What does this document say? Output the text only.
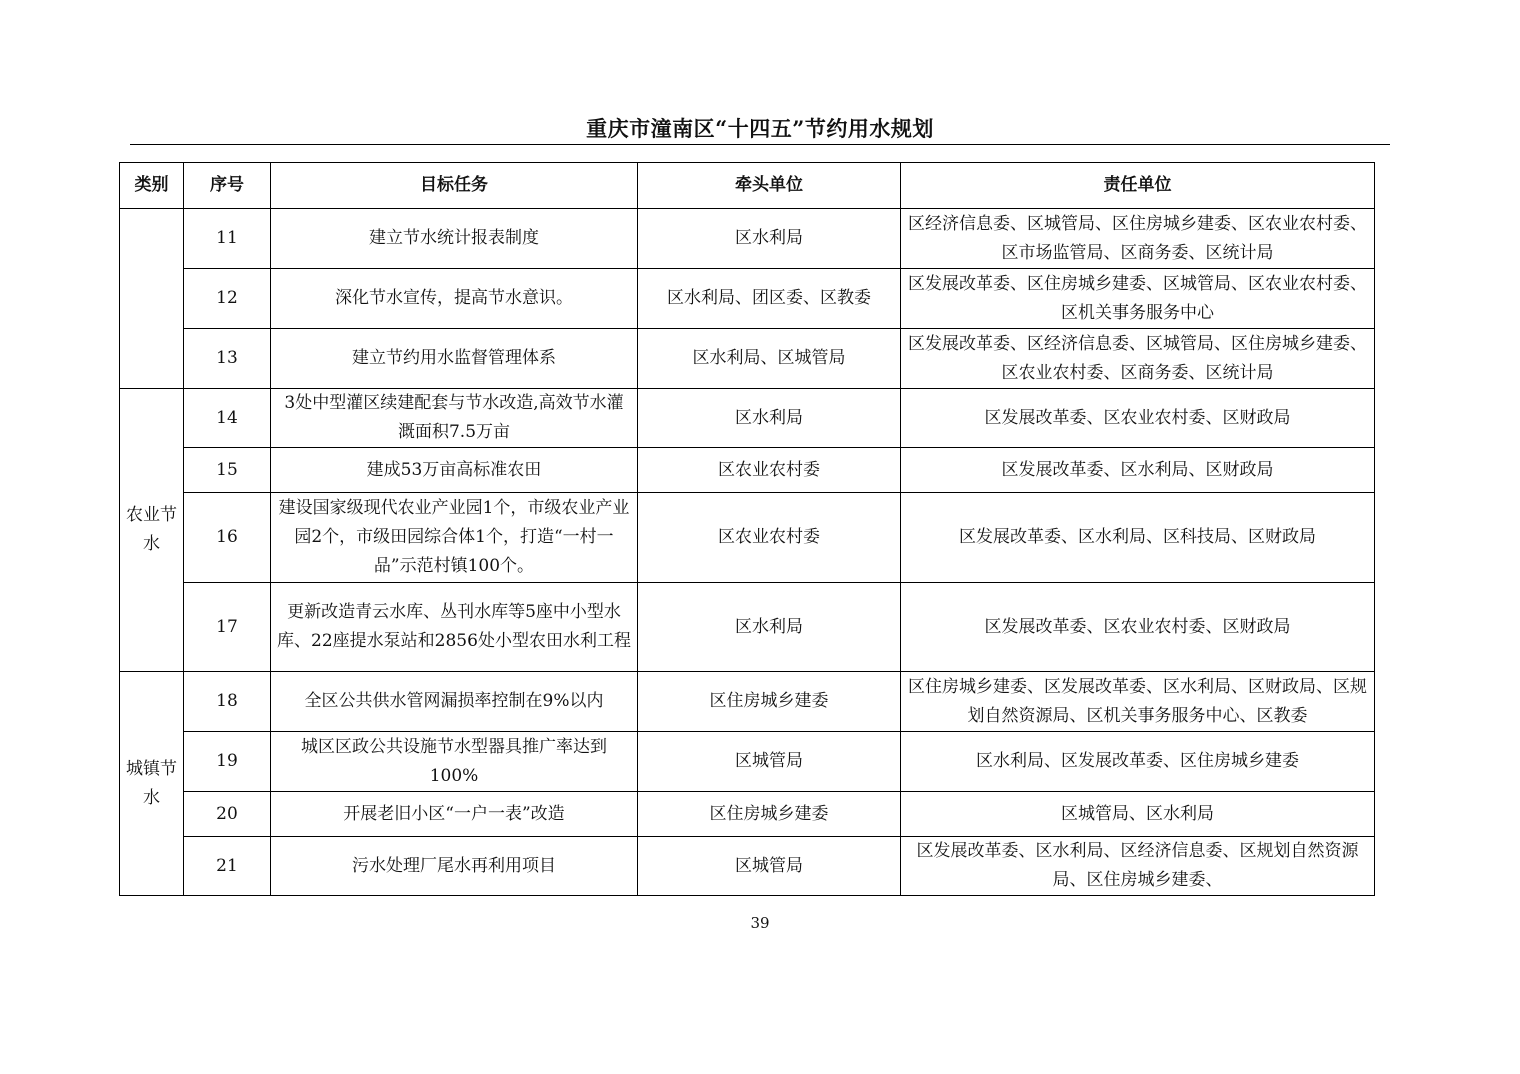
重庆市潼南区“十四五”节约用水规划
类别	序号	目标任务	牵头单位	责任单位
	11	建立节水统计报表制度	区水利局	区经济信息委、区城管局、区住房城乡建委、区农业农村委、区市场监管局、区商务委、区统计局
	12	深化节水宣传，提高节水意识。	区水利局、团区委、区教委	区发展改革委、区住房城乡建委、区城管局、区农业农村委、区机关事务服务中心
	13	建立节约用水监督管理体系	区水利局、区城管局	区发展改革委、区经济信息委、区城管局、区住房城乡建委、区农业农村委、区商务委、区统计局
农业节水	14	3处中型灌区续建配套与节水改造,高效节水灌溉面积7.5万亩	区水利局	区发展改革委、区农业农村委、区财政局
	15	建成53万亩高标准农田	区农业农村委	区发展改革委、区水利局、区财政局
	16	建设国家级现代农业产业园1个，市级农业产业园2个，市级田园综合体1个，打造“一村一品”示范村镇100个。	区农业农村委	区发展改革委、区水利局、区科技局、区财政局
	17	更新改造青云水库、丛刊水库等5座中小型水库、22座提水泵站和2856处小型农田水利工程	区水利局	区发展改革委、区农业农村委、区财政局
城镇节水	18	全区公共供水管网漏损率控制在9%以内	区住房城乡建委	区住房城乡建委、区发展改革委、区水利局、区财政局、区规划自然资源局、区机关事务服务中心、区教委
	19	城区区政公共设施节水型器具推广率达到100%	区城管局	区水利局、区发展改革委、区住房城乡建委
	20	开展老旧小区“一户一表”改造	区住房城乡建委	区城管局、区水利局
	21	污水处理厂尾水再利用项目	区城管局	区发展改革委、区水利局、区经济信息委、区规划自然资源局、区住房城乡建委、
39
